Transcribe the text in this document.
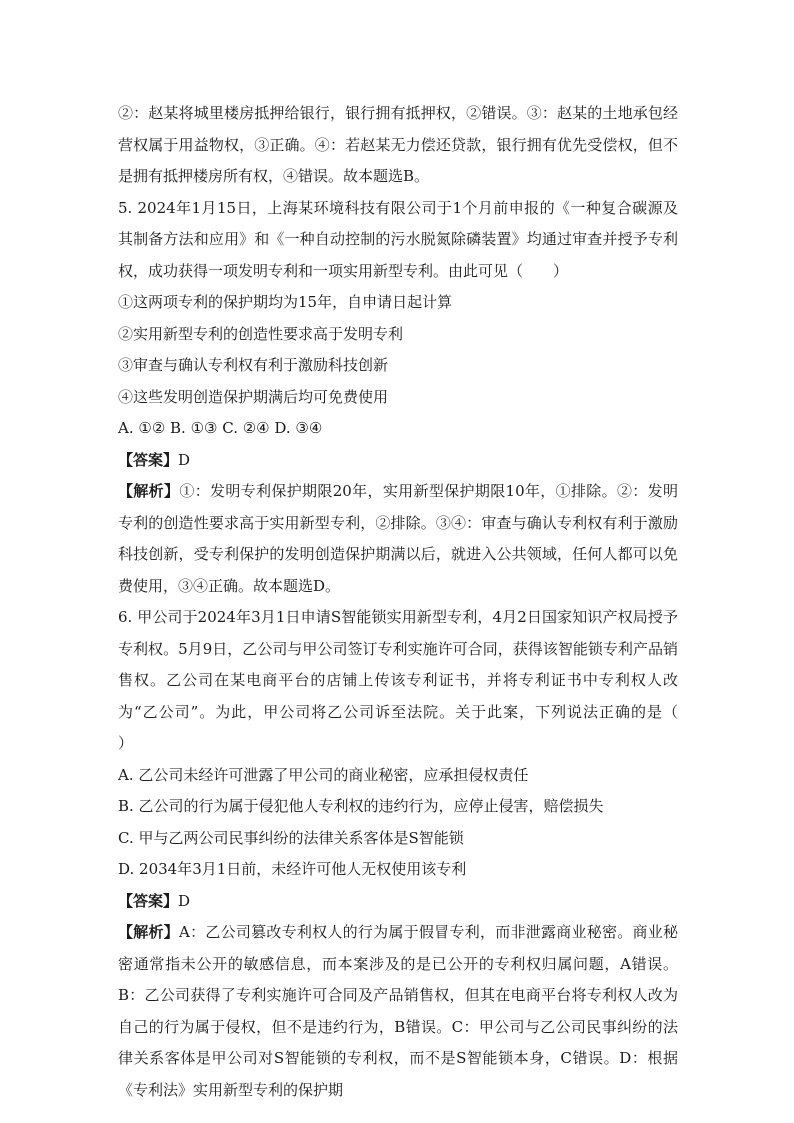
②：赵某将城里楼房抵押给银行，银行拥有抵押权，②错误。③：赵某的土地承包经营权属于用益物权，③正确。④：若赵某无力偿还贷款，银行拥有优先受偿权，但不是拥有抵押楼房所有权，④错误。故本题选B。

5. 2024年1月15日，上海某环境科技有限公司于1个月前申报的《一种复合碳源及其制备方法和应用》和《一种自动控制的污水脱氮除磷装置》均通过审查并授予专利权，成功获得一项发明专利和一项实用新型专利。由此可见（　　）

①这两项专利的保护期均为15年，自申请日起计算

②实用新型专利的创造性要求高于发明专利

③审查与确认专利权有利于激励科技创新

④这些发明创造保护期满后均可免费使用

A. ①② B. ①③ C. ②④ D. ③④

【答案】D

【解析】①：发明专利保护期限20年，实用新型保护期限10年，①排除。②：发明专利的创造性要求高于实用新型专利，②排除。③④：审查与确认专利权有利于激励科技创新，受专利保护的发明创造保护期满以后，就进入公共领域，任何人都可以免费使用，③④正确。故本题选D。

6. 甲公司于2024年3月1日申请S智能锁实用新型专利，4月2日国家知识产权局授予专利权。5月9日，乙公司与甲公司签订专利实施许可合同，获得该智能锁专利产品销售权。乙公司在某电商平台的店铺上传该专利证书，并将专利证书中专利权人改为“乙公司”。为此，甲公司将乙公司诉至法院。关于此案，下列说法正确的是（　　）

A. 乙公司未经许可泄露了甲公司的商业秘密，应承担侵权责任

B. 乙公司的行为属于侵犯他人专利权的违约行为，应停止侵害，赔偿损失

C. 甲与乙两公司民事纠纷的法律关系客体是S智能锁

D. 2034年3月1日前，未经许可他人无权使用该专利

【答案】D

【解析】A：乙公司篡改专利权人的行为属于假冒专利，而非泄露商业秘密。商业秘密通常指未公开的敏感信息，而本案涉及的是已公开的专利权归属问题，A错误。B：乙公司获得了专利实施许可合同及产品销售权，但其在电商平台将专利权人改为自己的行为属于侵权，但不是违约行为，B错误。C：甲公司与乙公司民事纠纷的法律关系客体是甲公司对S智能锁的专利权，而不是S智能锁本身，C错误。D：根据《专利法》实用新型专利的保护期
